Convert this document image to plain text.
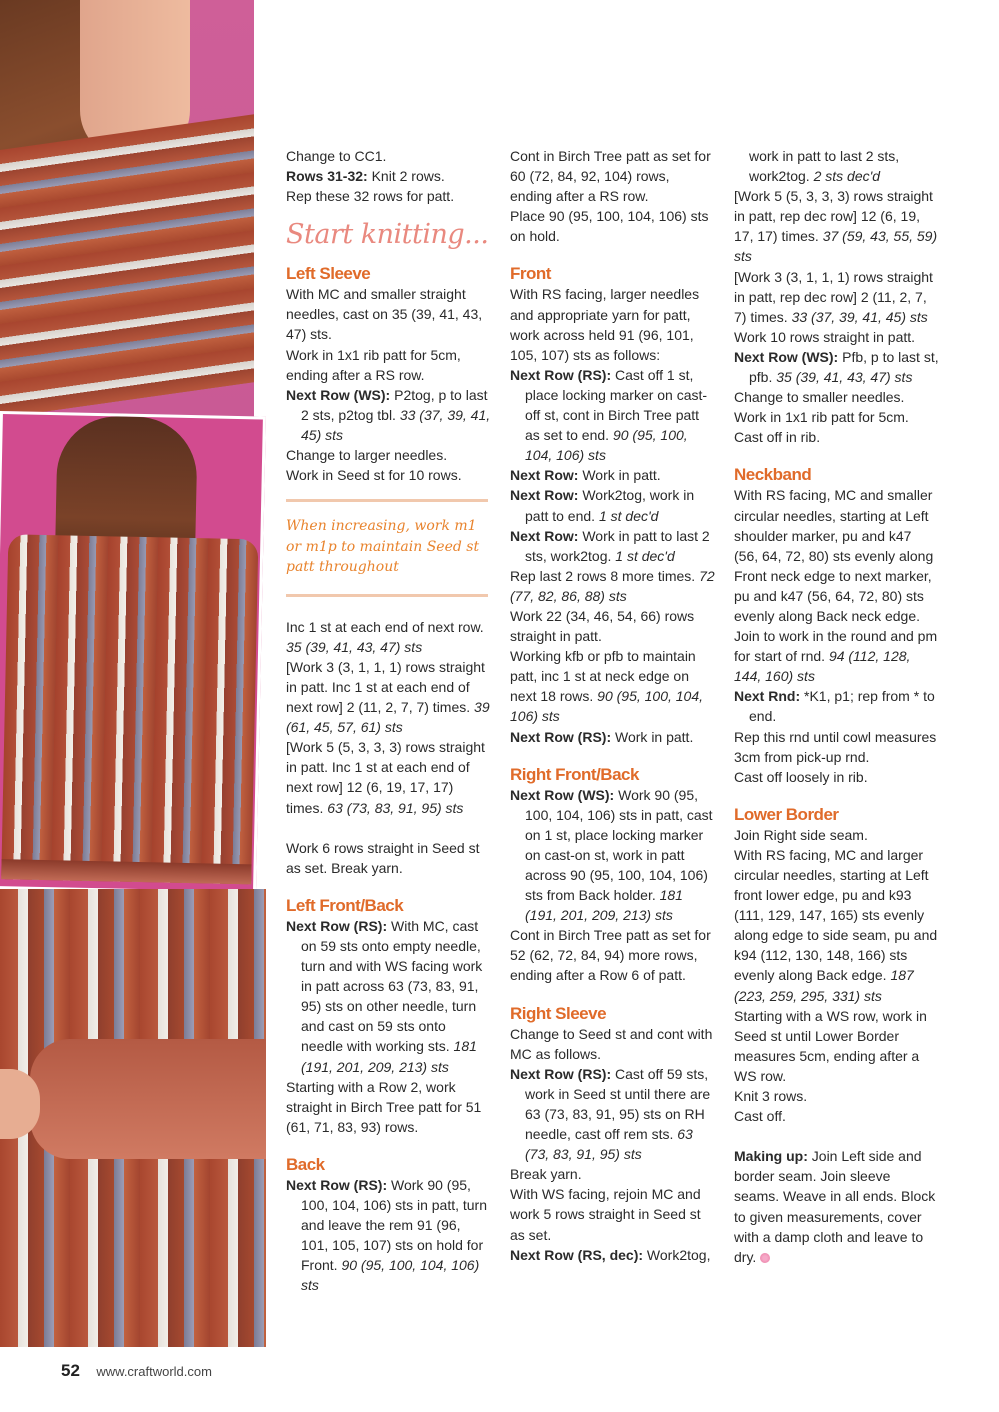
Change to CC1.

Rows 31-32: Knit 2 rows.

Rep these 32 rows for patt.

Start knitting...

Left Sleeve

With MC and smaller straight needles, cast on 35 (39, 41, 43, 47) sts.

Work in 1x1 rib patt for 5cm, ending after a RS row.

Next Row (WS): P2tog, p to last 2 sts, p2tog tbl. 33 (37, 39, 41, 45) sts

Change to larger needles.

Work in Seed st for 10 rows.

When increasing, work m1 or m1p to maintain Seed st patt throughout

Inc 1 st at each end of next row. 35 (39, 41, 43, 47) sts

[Work 3 (3, 1, 1, 1) rows straight in patt. Inc 1 st at each end of next row] 2 (11, 2, 7, 7) times. 39 (61, 45, 57, 61) sts

[Work 5 (5, 3, 3, 3) rows straight in patt. Inc 1 st at each end of next row] 12 (6, 19, 17, 17) times. 63 (73, 83, 91, 95) sts

Work 6 rows straight in Seed st as set. Break yarn.

Left Front/Back

Next Row (RS): With MC, cast on 59 sts onto empty needle, turn and with WS facing work in patt across 63 (73, 83, 91, 95) sts on other needle, turn and cast on 59 sts onto needle with working sts. 181 (191, 201, 209, 213) sts

Starting with a Row 2, work straight in Birch Tree patt for 51 (61, 71, 83, 93) rows.

Back

Next Row (RS): Work 90 (95, 100, 104, 106) sts in patt, turn and leave the rem 91 (96, 101, 105, 107) sts on hold for Front. 90 (95, 100, 104, 106) sts

Cont in Birch Tree patt as set for 60 (72, 84, 92, 104) rows, ending after a RS row.

Place 90 (95, 100, 104, 106) sts on hold.

Front

With RS facing, larger needles and appropriate yarn for patt, work across held 91 (96, 101, 105, 107) sts as follows:

Next Row (RS): Cast off 1 st, place locking marker on cast-off st, cont in Birch Tree patt as set to end. 90 (95, 100, 104, 106) sts

Next Row: Work in patt.

Next Row: Work2tog, work in patt to end. 1 st dec'd

Next Row: Work in patt to last 2 sts, work2tog. 1 st dec'd

Rep last 2 rows 8 more times. 72 (77, 82, 86, 88) sts

Work 22 (34, 46, 54, 66) rows straight in patt.

Working kfb or pfb to maintain patt, inc 1 st at neck edge on next 18 rows. 90 (95, 100, 104, 106) sts

Next Row (RS): Work in patt.

Right Front/Back

Next Row (WS): Work 90 (95, 100, 104, 106) sts in patt, cast on 1 st, place locking marker on cast-on st, work in patt across 90 (95, 100, 104, 106) sts from Back holder. 181 (191, 201, 209, 213) sts

Cont in Birch Tree patt as set for 52 (62, 72, 84, 94) more rows, ending after a Row 6 of patt.

Right Sleeve

Change to Seed st and cont with MC as follows.

Next Row (RS): Cast off 59 sts, work in Seed st until there are 63 (73, 83, 91, 95) sts on RH needle, cast off rem sts. 63 (73, 83, 91, 95) sts

Break yarn.

With WS facing, rejoin MC and work 5 rows straight in Seed st as set.

Next Row (RS, dec): Work2tog,

work in patt to last 2 sts, work2tog. 2 sts dec'd

[Work 5 (5, 3, 3, 3) rows straight in patt, rep dec row] 12 (6, 19, 17, 17) times. 37 (59, 43, 55, 59) sts

[Work 3 (3, 1, 1, 1) rows straight in patt, rep dec row] 2 (11, 2, 7, 7) times. 33 (37, 39, 41, 45) sts

Work 10 rows straight in patt.

Next Row (WS): Pfb, p to last st, pfb. 35 (39, 41, 43, 47) sts

Change to smaller needles.

Work in 1x1 rib patt for 5cm.

Cast off in rib.

Neckband

With RS facing, MC and smaller circular needles, starting at Left shoulder marker, pu and k47 (56, 64, 72, 80) sts evenly along Front neck edge to next marker, pu and k47 (56, 64, 72, 80) sts evenly along Back neck edge. Join to work in the round and pm for start of rnd. 94 (112, 128, 144, 160) sts

Next Rnd: *K1, p1; rep from * to end.

Rep this rnd until cowl measures 3cm from pick-up rnd.

Cast off loosely in rib.

Lower Border

Join Right side seam.

With RS facing, MC and larger circular needles, starting at Left front lower edge, pu and k93 (111, 129, 147, 165) sts evenly along edge to side seam, pu and k94 (112, 130, 148, 166) sts evenly along Back edge. 187 (223, 259, 295, 331) sts

Starting with a WS row, work in Seed st until Lower Border measures 5cm, ending after a WS row.

Knit 3 rows.

Cast off.

Making up: Join Left side and border seam. Join sleeve seams. Weave in all ends. Block to given measurements, cover with a damp cloth and leave to dry.

52 www.craftworld.com
